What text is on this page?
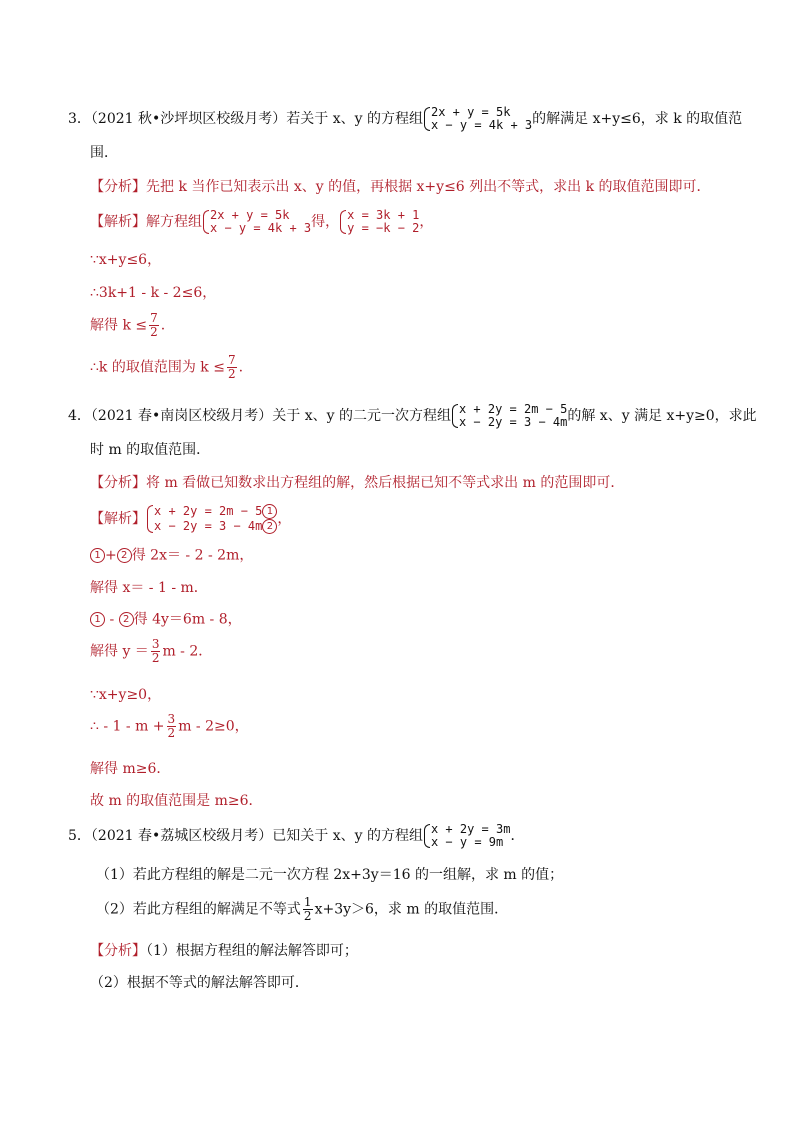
3．（2021 秋•沙坪坝区校级月考）若关于 x、y 的方程组 2x + y = 5k
x − y = 4k + 3 的解满足 x+y≤6，求 k 的取值范
围．
【分析】先把 k 当作已知表示出 x、y 的值，再根据 x+y≤6 列出不等式，求出 k 的取值范围即可．
【解析】解方程组 2x + y = 5k
x − y = 4k + 3 得， x = 3k + 1
y = −k − 2 ，
∵x+y≤6，
∴3k+1 - k - 2≤6，
解得 $k \le \frac{7}{2}$ .
∴k 的取值范围为 $k \le \frac{7}{2}$ .
4．（2021 春•南岗区校级月考）关于 x、y 的二元一次方程组 x + 2y = 2m − 5
x − 2y = 3 − 4m 的解 x、y 满足 x+y≥0，求此
时 m 的取值范围．
【分析】将 m 看做已知数求出方程组的解，然后根据已知不等式求出 m 的范围即可．
【解析】 x + 2y = 2m − 5 1
x − 2y = 3 − 4m 2 ，
1 + 2 得 2x＝ - 2 - 2m，
解得 x＝ - 1 - m．
1 - 2 得 4y＝6m - 8，
解得 $y = \frac{3}{2}$ m - 2．
∵x+y≥0，
∴ - $1 - m + \frac{3}{2}$ m - 2≥0，
解得 m≥6．
故 m 的取值范围是 m≥6．
5．（2021 春•荔城区校级月考）已知关于 x、y 的方程组 x + 2y = 3m
x − y = 9m ．
（1）若此方程组的解是二元一次方程 2x+3y＝16 的一组解，求 m 的值；
（2）若此方程组的解满足不等式 $\frac{1}{2} x+3y>6$，求 m 的取值范围．
【分析】（1）根据方程组的解法解答即可；
（2）根据不等式的解法解答即可．
